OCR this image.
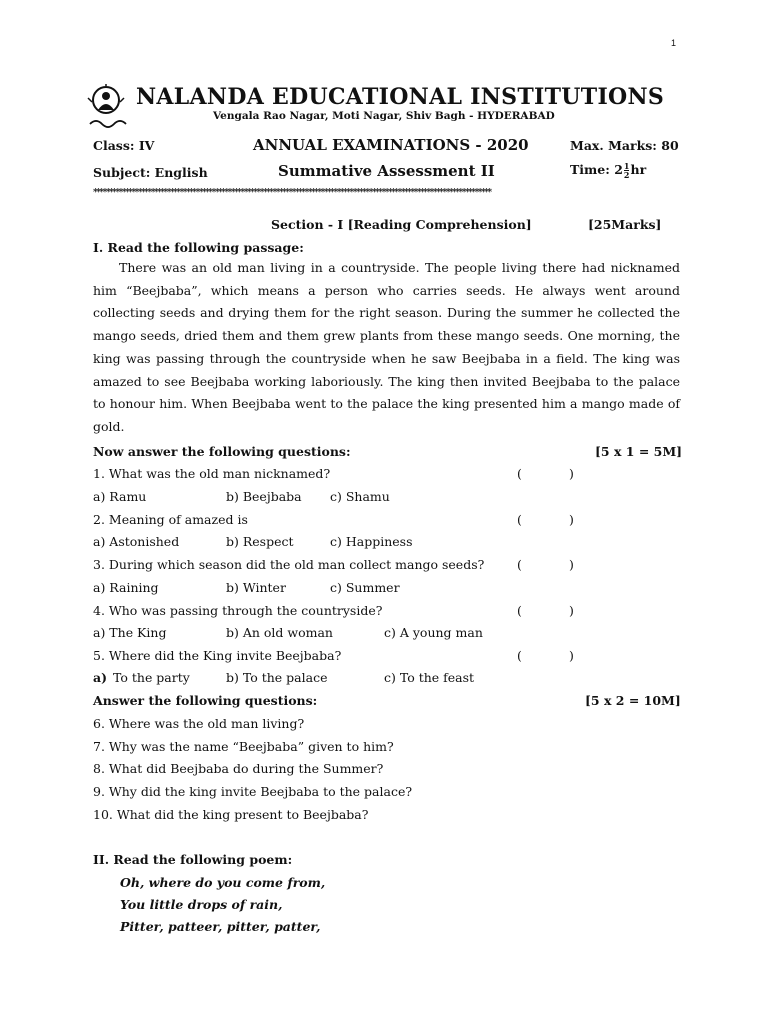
1
NALANDA EDUCATIONAL INSTITUTIONS
Vengala Rao Nagar, Moti Nagar, Shiv Bagh - HYDERABAD
Class: IV	ANNUAL EXAMINATIONS - 2020	Max. Marks: 80
Subject: English	Summative Assessment II	Time: $2 \frac{1}{2}$ hr
****************************************************************************************************************************
Section - I [Reading Comprehension]	[25Marks]
I. Read the following passage:

There was an old man living in a countryside. The people living there had nicknamed him “Beejbaba”, which means a person who carries seeds. He always went around collecting seeds and drying them for the right season. During the summer he collected the mango seeds, dried them and them grew plants from these mango seeds. One morning, the king was passing through the countryside when he saw Beejbaba in a field. The king was amazed to see Beejbaba working laboriously. The king then invited Beejbaba to the palace to honour him. When Beejbaba went to the palace the king presented him a mango made of gold.

Now answer the following questions:	[5 x 1 = 5M]
1. What was the old man nicknamed?	(	)
a) Ramu	b) Beejbaba c) Shamu
2. Meaning of amazed is	(	)
a) Astonished	b) Respect	c) Happiness
3. During which season did the old man collect mango seeds?	(	)
a) Raining	b) Winter	c) Summer
4. Who was passing through the countryside?	(	)
a) The King	b) An old woman	c) A young man
5. Where did the King invite Beejbaba?	(	)
a) To the party	b) To the palace	c) To the feast
Answer the following questions:	[5 x 2 = 10M]
6. Where was the old man living?
7. Why was the name “Beejbaba” given to him?
8. What did Beejbaba do during the Summer?
9. Why did the king invite Beejbaba to the palace?
10. What did the king present to Beejbaba?
II. Read the following poem:
Oh, where do you come from,
You little drops of rain,
Pitter, patteer, pitter, patter,
